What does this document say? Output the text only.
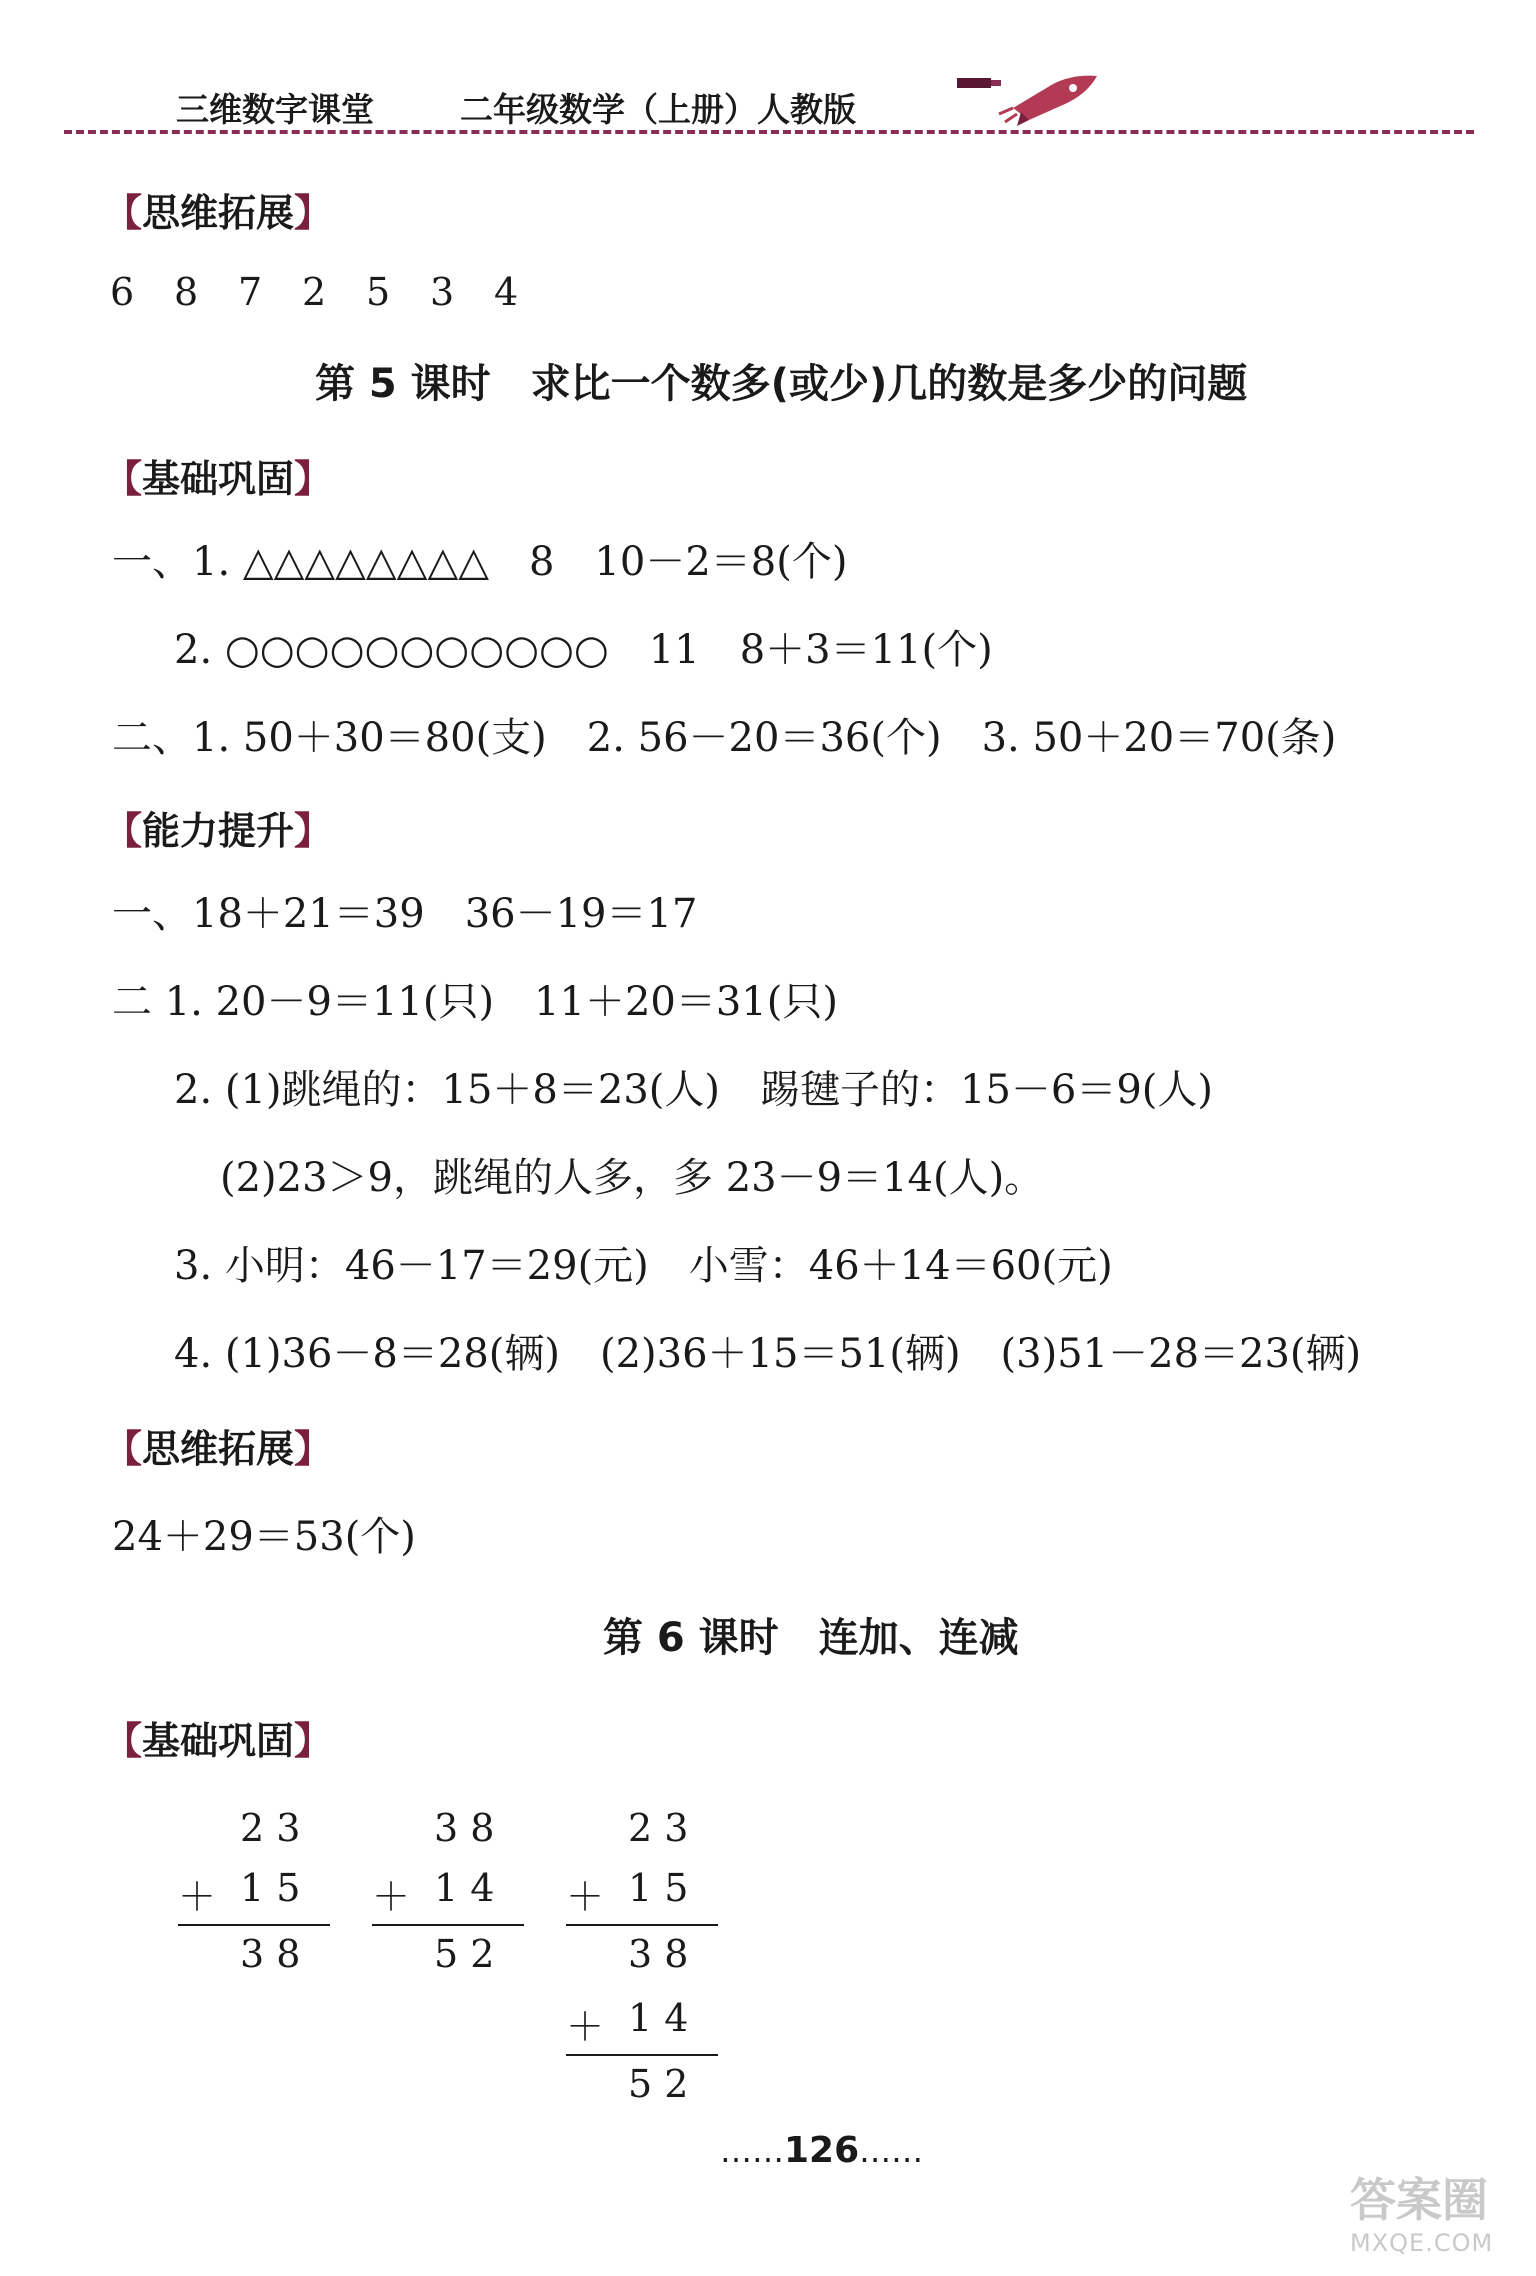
三维数字课堂	二年级数学（上册）人教版
【思维拓展】
6 8 7 2 5 3 4
第 5 课时　求比一个数多(或少)几的数是多少的问题
【基础巩固】
一、1. △△△△△△△△　8　10－2＝8(个)
2. ○○○○○○○○○○○　11　8＋3＝11(个)
二、1. 50＋30＝80(支)　2. 56－20＝36(个)　3. 50＋20＝70(条)
【能力提升】
一、18＋21＝39　36－19＝17
二 1. 20－9＝11(只)　11＋20＝31(只)
2. (1)跳绳的：15＋8＝23(人)　踢毽子的：15－6＝9(人)
(2)23＞9，跳绳的人多，多 23－9＝14(人)。
3. 小明：46－17＝29(元)　小雪：46＋14＝60(元)
4. (1)36－8＝28(辆)　(2)36＋15＝51(辆)　(3)51－28＝23(辆)
【思维拓展】
24＋29＝53(个)
第 6 课时　连加、连减
【基础巩固】
2 3
＋ 1 5
3 8
3 8
＋ 1 4
5 2
2 3
＋ 1 5
3 8
＋ 1 4
5 2
……126……
答案圈
MXQE.COM
